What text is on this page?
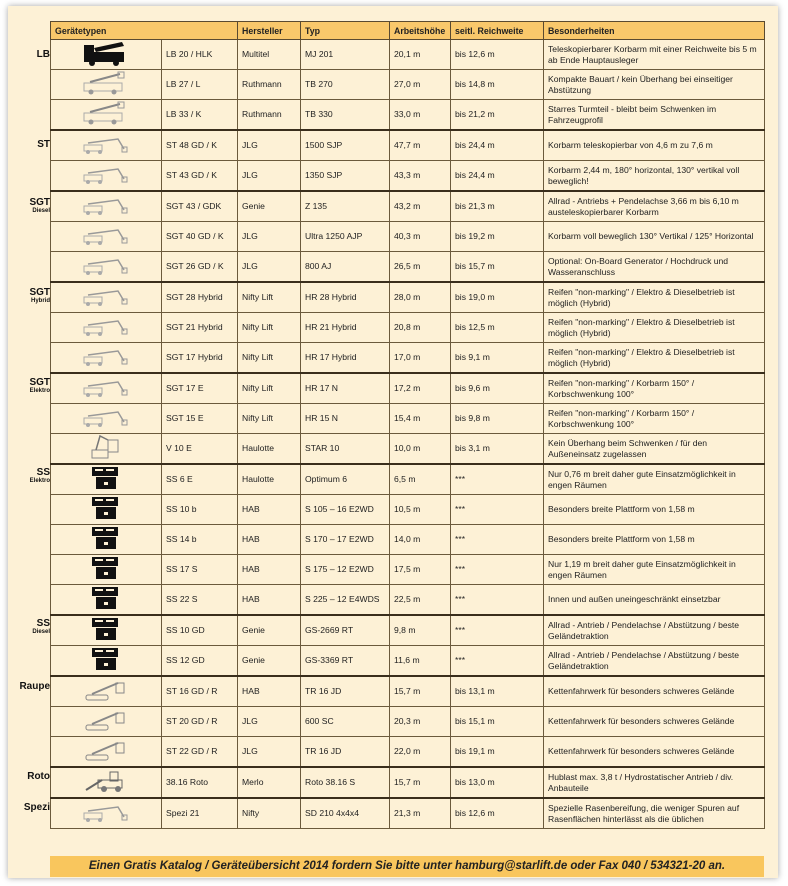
Gerätetypen		Hersteller	Typ	Arbeitshöhe	seitl. Reichweite	Besonderheiten
	LB 20 / HLK	Multitel	MJ 201	20,1 m	bis 12,6 m	Teleskopierbarer Korbarm mit einer Reichweite bis 5 m ab Ende Hauptausleger
	LB 27 / L	Ruthmann	TB 270	27,0 m	bis 14,8 m	Kompakte Bauart / kein Überhang bei einseitiger Abstützung
	LB 33 / K	Ruthmann	TB 330	33,0 m	bis 21,2 m	Starres Turmteil - bleibt beim Schwenken im Fahrzeugprofil
	ST 48 GD / K	JLG	1500 SJP	47,7 m	bis 24,4 m	Korbarm teleskopierbar von 4,6 m zu 7,6 m
	ST 43 GD / K	JLG	1350 SJP	43,3 m	bis 24,4 m	Korbarm 2,44 m, 180° horizontal, 130° vertikal voll beweglich!
	SGT 43 / GDK	Genie	Z 135	43,2 m	bis 21,3 m	Allrad - Antriebs + Pendelachse 3,66 m bis 6,10 m austeleskopierbarer Korbarm
	SGT 40 GD / K	JLG	Ultra 1250 AJP	40,3 m	bis 19,2 m	Korbarm voll beweglich 130° Vertikal / 125° Horizontal
	SGT 26 GD / K	JLG	800 AJ	26,5 m	bis 15,7 m	Optional: On-Board Generator / Hochdruck und Wasseranschluss
	SGT 28 Hybrid	Nifty Lift	HR 28 Hybrid	28,0 m	bis 19,0 m	Reifen "non-marking" / Elektro & Dieselbetrieb ist möglich (Hybrid)
	SGT 21 Hybrid	Nifty Lift	HR 21 Hybrid	20,8 m	bis 12,5 m	Reifen "non-marking" / Elektro & Dieselbetrieb ist möglich (Hybrid)
	SGT 17 Hybrid	Nifty Lift	HR 17 Hybrid	17,0 m	bis 9,1 m	Reifen "non-marking" / Elektro & Dieselbetrieb ist möglich (Hybrid)
	SGT 17 E	Nifty Lift	HR 17 N	17,2 m	bis 9,6 m	Reifen "non-marking" / Korbarm 150° / Korbschwenkung 100°
	SGT 15 E	Nifty Lift	HR 15 N	15,4 m	bis 9,8 m	Reifen "non-marking" / Korbarm 150° / Korbschwenkung 100°
	V 10 E	Haulotte	STAR 10	10,0 m	bis 3,1 m	Kein Überhang beim Schwenken / für den Außeneinsatz zugelassen
	SS 6 E	Haulotte	Optimum 6	6,5 m	***	Nur 0,76 m breit daher gute Einsatzmöglichkeit in engen Räumen
	SS 10 b	HAB	S 105 – 16 E2WD	10,5 m	***	Besonders breite Plattform von 1,58 m
	SS 14 b	HAB	S 170 – 17 E2WD	14,0 m	***	Besonders breite Plattform von 1,58 m
	SS 17 S	HAB	S 175 – 12 E2WD	17,5 m	***	Nur 1,19 m breit daher gute Einsatzmöglichkeit in engen Räumen
	SS 22 S	HAB	S 225 – 12 E4WDS	22,5 m	***	Innen und außen uneingeschränkt einsetzbar
	SS 10 GD	Genie	GS-2669 RT	9,8 m	***	Allrad - Antrieb / Pendelachse / Abstützung / beste Geländetraktion
	SS 12 GD	Genie	GS-3369 RT	11,6 m	***	Allrad - Antrieb / Pendelachse / Abstützung / beste Geländetraktion
	ST 16 GD / R	HAB	TR 16 JD	15,7 m	bis 13,1 m	Kettenfahrwerk für besonders schweres Gelände
	ST 20 GD / R	JLG	600 SC	20,3 m	bis 15,1 m	Kettenfahrwerk für besonders schweres Gelände
	ST 22 GD / R	JLG	TR 16 JD	22,0 m	bis 19,1 m	Kettenfahrwerk für besonders schweres Gelände
	38.16 Roto	Merlo	Roto 38.16 S	15,7 m	bis 13,0 m	Hublast max. 3,8 t / Hydrostatischer Antrieb / div. Anbauteile
	Spezi 21	Nifty	SD 210 4x4x4	21,3 m	bis 12,6 m	Spezielle Rasenbereifung, die weniger Spuren auf Rasenflächen hinterlässt als die üblichen
LB
ST
SGT
Diesel
SGT
Hybrid
SGT
Elektro
SS
Elektro
SS
Diesel
Raupe
Roto
Spezi
Einen Gratis Katalog / Geräteübersicht 2014 fordern Sie bitte unter hamburg@starlift.de oder Fax 040 / 534321-20 an.
